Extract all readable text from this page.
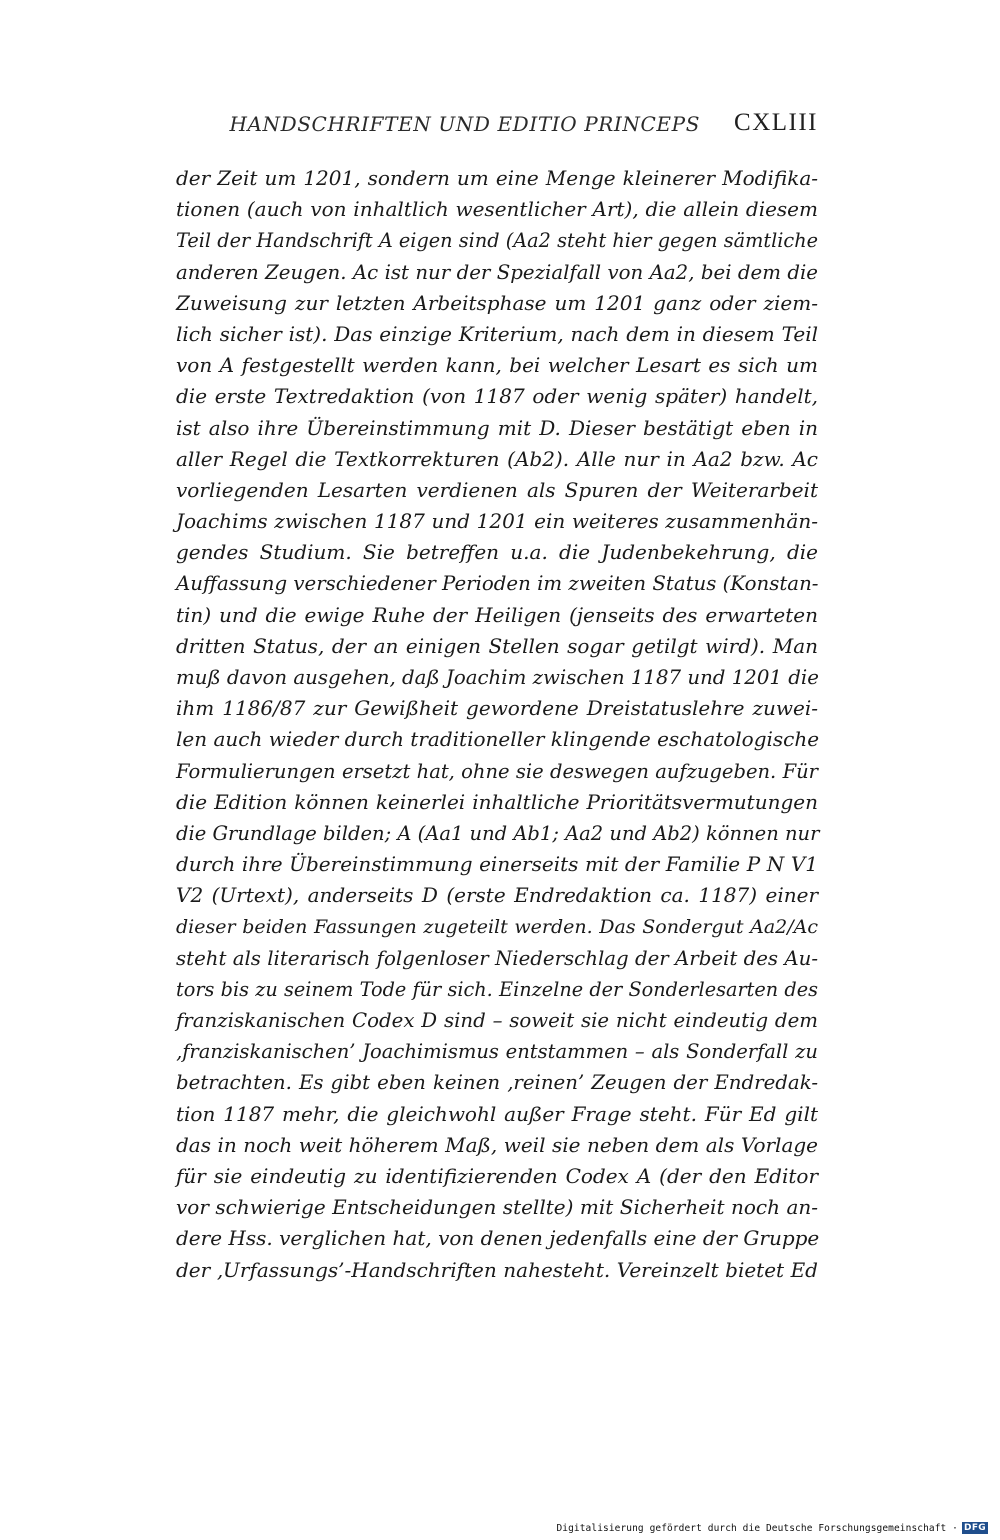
HANDSCHRIFTEN UND EDITIO PRINCEPS CXLIII
der Zeit um 1201, sondern um eine Menge kleinerer Modifika-
tionen (auch von inhaltlich wesentlicher Art), die allein diesem
Teil der Handschrift A eigen sind (Aa2 steht hier gegen sämtliche
anderen Zeugen. Ac ist nur der Spezialfall von Aa2, bei dem die
Zuweisung zur letzten Arbeitsphase um 1201 ganz oder ziem-
lich sicher ist). Das einzige Kriterium, nach dem in diesem Teil
von A festgestellt werden kann, bei welcher Lesart es sich um
die erste Textredaktion (von 1187 oder wenig später) handelt,
ist also ihre Übereinstimmung mit D. Dieser bestätigt eben in
aller Regel die Textkorrekturen (Ab2). Alle nur in Aa2 bzw. Ac
vorliegenden Lesarten verdienen als Spuren der Weiterarbeit
Joachims zwischen 1187 und 1201 ein weiteres zusammenhän-
gendes Studium. Sie betreffen u.a. die Judenbekehrung, die
Auffassung verschiedener Perioden im zweiten Status (Konstan-
tin) und die ewige Ruhe der Heiligen (jenseits des erwarteten
dritten Status, der an einigen Stellen sogar getilgt wird). Man
muß davon ausgehen, daß Joachim zwischen 1187 und 1201 die
ihm 1186/87 zur Gewißheit gewordene Dreistatuslehre zuwei-
len auch wieder durch traditioneller klingende eschatologische
Formulierungen ersetzt hat, ohne sie deswegen aufzugeben. Für
die Edition können keinerlei inhaltliche Prioritätsvermutungen
die Grundlage bilden; A (Aa1 und Ab1; Aa2 und Ab2) können nur
durch ihre Übereinstimmung einerseits mit der Familie P N V1
V2 (Urtext), anderseits D (erste Endredaktion ca. 1187) einer
dieser beiden Fassungen zugeteilt werden. Das Sondergut Aa2/Ac
steht als literarisch folgenloser Niederschlag der Arbeit des Au-
tors bis zu seinem Tode für sich. Einzelne der Sonderlesarten des
franziskanischen Codex D sind – soweit sie nicht eindeutig dem
‚franziskanischen’ Joachimismus entstammen – als Sonderfall zu
betrachten. Es gibt eben keinen ‚reinen’ Zeugen der Endredak-
tion 1187 mehr, die gleichwohl außer Frage steht. Für Ed gilt
das in noch weit höherem Maß, weil sie neben dem als Vorlage
für sie eindeutig zu identifizierenden Codex A (der den Editor
vor schwierige Entscheidungen stellte) mit Sicherheit noch an-
dere Hss. verglichen hat, von denen jedenfalls eine der Gruppe
der ‚Urfassungs’-Handschriften nahesteht. Vereinzelt bietet Ed
Digitalisierung gefördert durch die Deutsche Forschungsgemeinschaft · DFG
